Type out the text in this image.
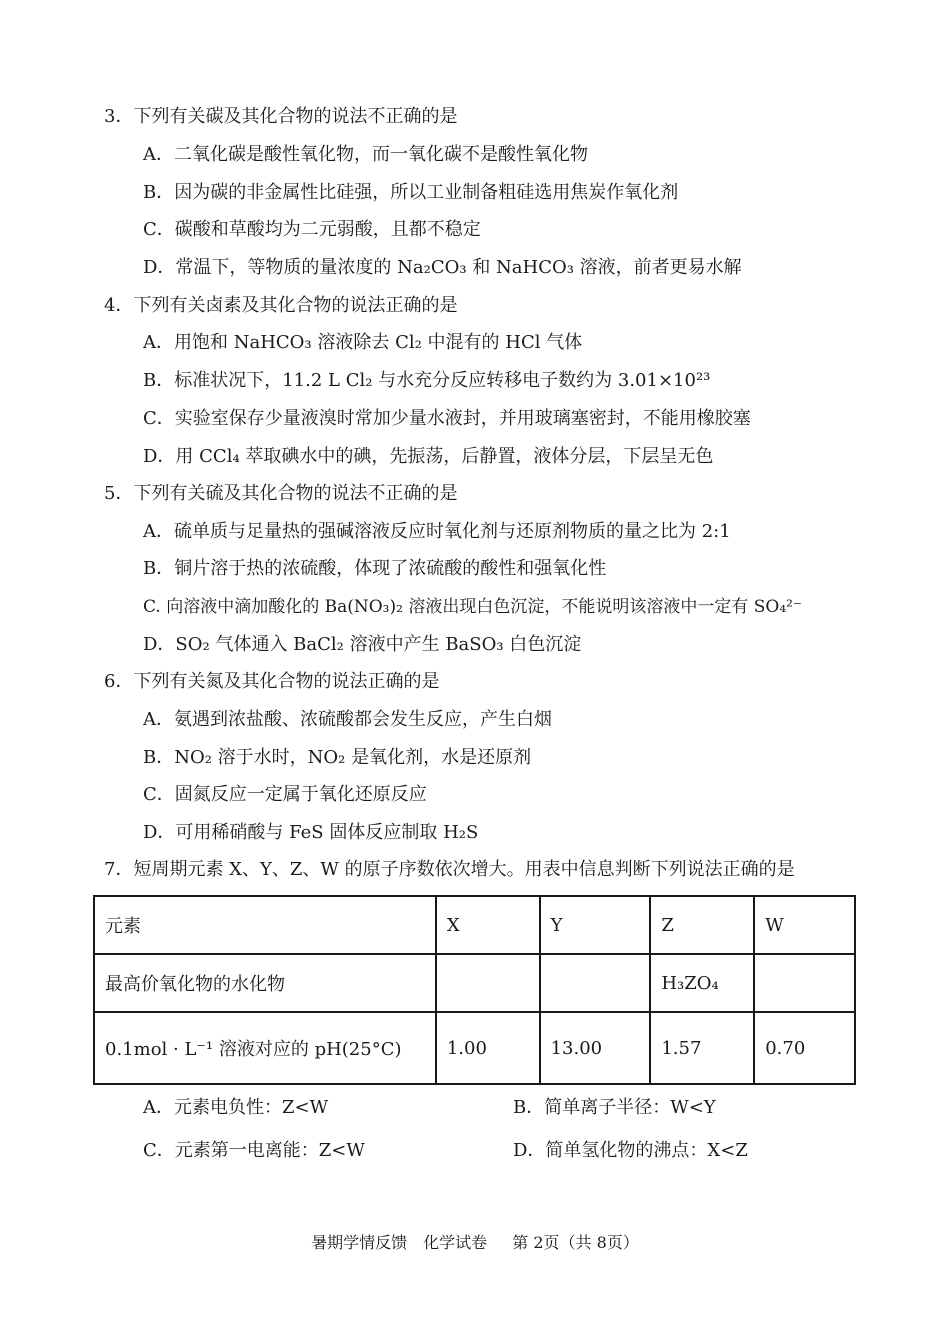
3．下列有关碳及其化合物的说法不正确的是
A．二氧化碳是酸性氧化物，而一氧化碳不是酸性氧化物
B．因为碳的非金属性比硅强，所以工业制备粗硅选用焦炭作氧化剂
C．碳酸和草酸均为二元弱酸，且都不稳定
D．常温下，等物质的量浓度的 Na₂CO₃ 和 NaHCO₃ 溶液，前者更易水解
4．下列有关卤素及其化合物的说法正确的是
A．用饱和 NaHCO₃ 溶液除去 Cl₂ 中混有的 HCl 气体
B．标准状况下，11.2 L Cl₂ 与水充分反应转移电子数约为 3.01×10²³
C．实验室保存少量液溴时常加少量水液封，并用玻璃塞密封，不能用橡胶塞
D．用 CCl₄ 萃取碘水中的碘，先振荡，后静置，液体分层，下层呈无色
5．下列有关硫及其化合物的说法不正确的是
A．硫单质与足量热的强碱溶液反应时氧化剂与还原剂物质的量之比为 2:1
B．铜片溶于热的浓硫酸，体现了浓硫酸的酸性和强氧化性
C. 向溶液中滴加酸化的 Ba(NO₃)₂ 溶液出现白色沉淀，不能说明该溶液中一定有 SO₄²⁻
D．SO₂ 气体通入 BaCl₂ 溶液中产生 BaSO₃ 白色沉淀
6．下列有关氮及其化合物的说法正确的是
A．氨遇到浓盐酸、浓硫酸都会发生反应，产生白烟
B．NO₂ 溶于水时，NO₂ 是氧化剂，水是还原剂
C．固氮反应一定属于氧化还原反应
D．可用稀硝酸与 FeS 固体反应制取 H₂S
7．短周期元素 X、Y、Z、W 的原子序数依次增大。用表中信息判断下列说法正确的是
元素	X	Y	Z	W
最高价氧化物的水化物			H₃ZO₄	
0.1mol · L⁻¹ 溶液对应的 pH(25°C)	1.00	13.00	1.57	0.70
A．元素电负性：Z<W	B．简单离子半径：W<Y
C．元素第一电离能：Z<W	D．简单氢化物的沸点：X<Z
暑期学情反馈　化学试卷 第 2页（共 8页）
